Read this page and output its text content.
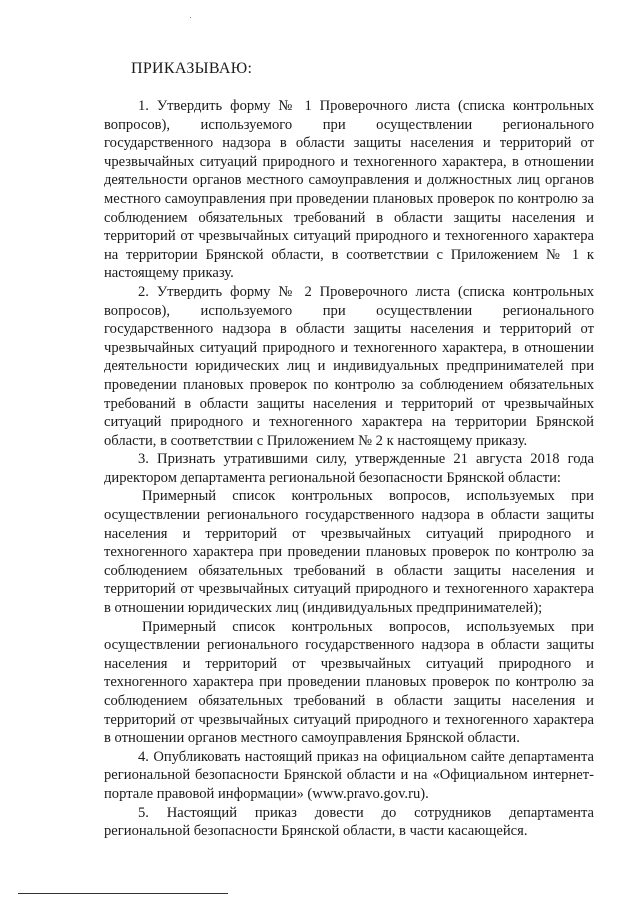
ПРИКАЗЫВАЮ:

1. Утвердить форму № 1 Проверочного листа (списка контрольных вопросов), используемого при осуществлении регионального государственного надзора в области защиты населения и территорий от чрезвычайных ситуаций природного и техногенного характера, в отношении деятельности органов местного самоуправления и должностных лиц органов местного самоуправления при проведении плановых проверок по контролю за соблюдением обязательных требований в области защиты населения и территорий от чрезвычайных ситуаций природного и техногенного характера на территории Брянской области, в соответствии с Приложением № 1 к настоящему приказу.

2. Утвердить форму № 2 Проверочного листа (списка контрольных вопросов), используемого при осуществлении регионального государственного надзора в области защиты населения и территорий от чрезвычайных ситуаций природного и техногенного характера, в отношении деятельности юридических лиц и индивидуальных предпринимателей при проведении плановых проверок по контролю за соблюдением обязательных требований в области защиты населения и территорий от чрезвычайных ситуаций природного и техногенного характера на территории Брянской области, в соответствии с Приложением № 2 к настоящему приказу.

3. Признать утратившими силу, утвержденные 21 августа 2018 года директором департамента региональной безопасности Брянской области:

Примерный список контрольных вопросов, используемых при осуществлении регионального государственного надзора в области защиты населения и территорий от чрезвычайных ситуаций природного и техногенного характера при проведении плановых проверок по контролю за соблюдением обязательных требований в области защиты населения и территорий от чрезвычайных ситуаций природного и техногенного характера в отношении юридических лиц (индивидуальных предпринимателей);

Примерный список контрольных вопросов, используемых при осуществлении регионального государственного надзора в области защиты населения и территорий от чрезвычайных ситуаций природного и техногенного характера при проведении плановых проверок по контролю за соблюдением обязательных требований в области защиты населения и территорий от чрезвычайных ситуаций природного и техногенного характера в отношении органов местного самоуправления Брянской области.

4. Опубликовать настоящий приказ на официальном сайте департамента региональной безопасности Брянской области и на «Официальном интернет-портале правовой информации» (www.pravo.gov.ru).

5. Настоящий приказ довести до сотрудников департамента региональной безопасности Брянской области, в части касающейся.
